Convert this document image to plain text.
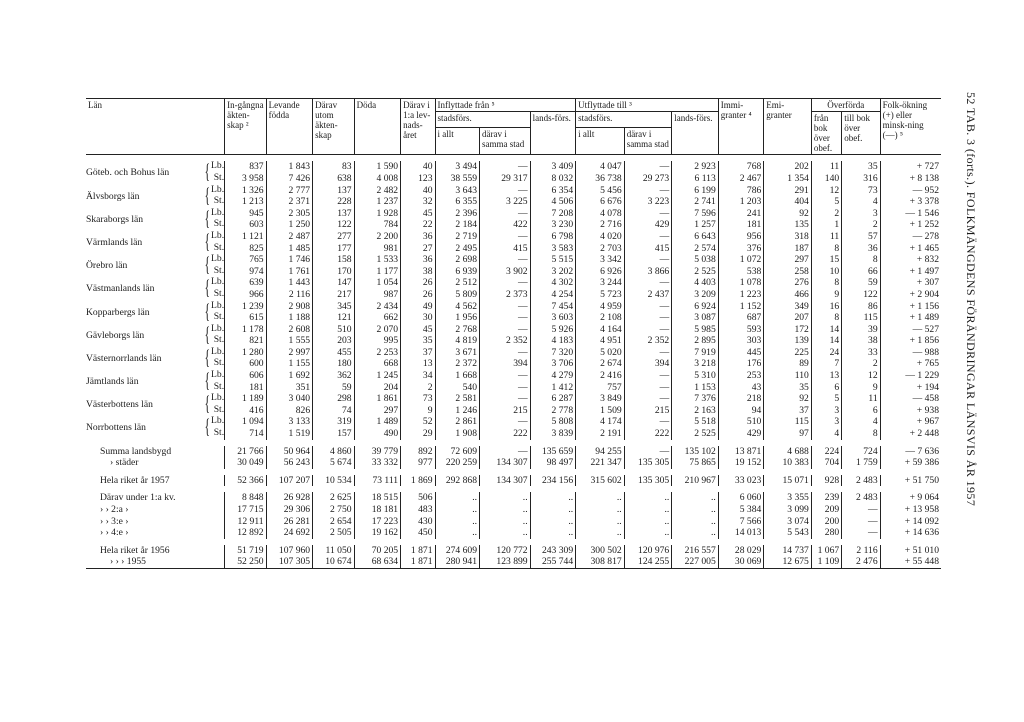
Län	In-gångna äkten-skap ²	Levande födda	Därav utom äkten-skap	Döda	Därav i 1:a lev-nads-året	Inflyttade från ⁵			Utflyttade till ³			Immi-granter ⁴	Emi-granter	Överförda		Folk-ökning (+) eller minsk-ning (—) ⁵
						stadsförs.		lands-förs.	stadsförs.		lands-förs.			från bok över obef.	till bok över obef.	
						i allt	därav i samma stad		i allt	därav i samma stad						

Göteb. och Bohus län { Lb.	837	1 843	83	1 590	40	3 494	—	3 409	4 047	—	2 923	768	202	11	35	+ 727

St.	3 958	7 426	638	4 008	123	38 559	29 317	8 032	36 738	29 273	6 113	2 467	1 354	140	316	+ 8 138

Älvsborgs län { Lb.	1 326	2 777	137	2 482	40	3 643	—	6 354	5 456	—	6 199	786	291	12	73	— 952

St.	1 213	2 371	228	1 237	32	6 355	3 225	4 506	6 676	3 223	2 741	1 203	404	5	4	+ 3 378

Skaraborgs län { Lb.	945	2 305	137	1 928	45	2 396	—	7 208	4 078	—	7 596	241	92	2	3	— 1 546

St.	603	1 250	122	784	22	2 184	422	3 230	2 716	429	1 257	181	135	1	2	+ 1 252

Värmlands län { Lb.	1 121	2 487	277	2 200	36	2 719	—	6 798	4 020	—	6 643	956	318	11	57	— 278

St.	825	1 485	177	981	27	2 495	415	3 583	2 703	415	2 574	376	187	8	36	+ 1 465

Örebro län { Lb.	765	1 746	158	1 533	36	2 698	—	5 515	3 342	—	5 038	1 072	297	15	8	+ 832

St.	974	1 761	170	1 177	38	6 939	3 902	3 202	6 926	3 866	2 525	538	258	10	66	+ 1 497

Västmanlands län { Lb.	639	1 443	147	1 054	26	2 512	—	4 302	3 244	—	4 403	1 078	276	8	59	+ 307

St.	966	2 116	217	987	26	5 809	2 373	4 254	5 723	2 437	3 209	1 223	466	9	122	+ 2 904

Kopparbergs län { Lb.	1 239	2 908	345	2 434	49	4 562	—	7 454	4 959	—	6 924	1 152	349	16	86	+ 1 156

St.	615	1 188	121	662	30	1 956	—	3 603	2 108	—	3 087	687	207	8	115	+ 1 489

Gävleborgs län { Lb.	1 178	2 608	510	2 070	45	2 768	—	5 926	4 164	—	5 985	593	172	14	39	— 527

St.	821	1 555	203	995	35	4 819	2 352	4 183	4 951	2 352	2 895	303	139	14	38	+ 1 856

Västernorrlands län { Lb.	1 280	2 997	455	2 253	37	3 671	—	7 320	5 020	—	7 919	445	225	24	33	— 988

St.	600	1 155	180	668	13	2 372	394	3 706	2 674	394	3 218	176	89	7	2	+ 765

Jämtlands län { Lb.	606	1 692	362	1 245	34	1 668	—	4 279	2 416	—	5 310	253	110	13	12	— 1 229

St.	181	351	59	204	2	540	—	1 412	757	—	1 153	43	35	6	9	+ 194

Västerbottens län { Lb.	1 189	3 040	298	1 861	73	2 581	—	6 287	3 849	—	7 376	218	92	5	11	— 458

St.	416	826	74	297	9	1 246	215	2 778	1 509	215	2 163	94	37	3	6	+ 938

Norrbottens län { Lb.	1 094	3 133	319	1 489	52	2 861	—	5 808	4 174	—	5 518	510	115	3	4	+ 967

St.	714	1 519	157	490	29	1 908	222	3 839	2 191	222	2 525	429	97	4	8	+ 2 448

Summa landsbygd	21 766	50 964	4 860	39 779	892	72 609	—	135 659	94 255	—	135 102	13 871	4 688	224	724	— 7 636
› städer	30 049	56 243	5 674	33 332	977	220 259	134 307	98 497	221 347	135 305	75 865	19 152	10 383	704	1 759	+ 59 386

Hela riket år 1957	52 366	107 207	10 534	73 111	1 869	292 868	134 307	234 156	315 602	135 305	210 967	33 023	15 071	928	2 483	+ 51 750

Därav under 1:a kv.	8 848	26 928	2 625	18 515	506	..	..	..	..	..	..	6 060	3 355	239	2 483	+ 9 064
› › 2:a ›	17 715	29 306	2 750	18 181	483	..	..	..	..	..	..	5 384	3 099	209	—	+ 13 958
› › 3:e ›	12 911	26 281	2 654	17 223	430	..	..	..	..	..	..	7 566	3 074	200	—	+ 14 092
› › 4:e ›	12 892	24 692	2 505	19 162	450	..	..	..	..	..	..	14 013	5 543	280	—	+ 14 636

Hela riket år 1956	51 719	107 960	11 050	70 205	1 871	274 609	120 772	243 309	300 502	120 976	216 557	28 029	14 737	1 067	2 116	+ 51 010
› › › 1955	52 250	107 305	10 674	68 634	1 871	280 941	123 899	255 744	308 817	124 255	227 005	30 069	12 675	1 109	2 476	+ 55 448
52 TAB. 3 (forts.). FOLKMÄNGDENS FÖRÄNDRINGAR LÄNSVIS ÅR 1957
